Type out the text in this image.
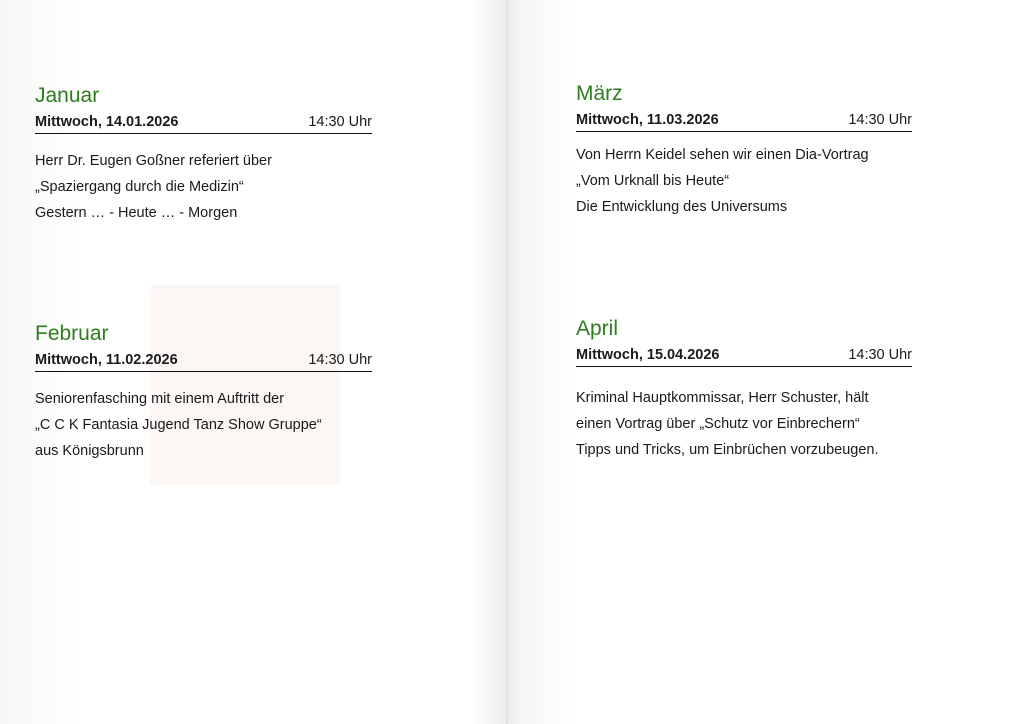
Januar
Mittwoch, 14.01.2026	14:30 Uhr
Herr Dr. Eugen Goßner referiert über
„Spaziergang durch die Medizin“
Gestern … - Heute … - Morgen
Februar
Mittwoch, 11.02.2026	14:30 Uhr
Seniorenfasching mit einem Auftritt der
„C C K Fantasia Jugend Tanz Show Gruppe“
aus Königsbrunn
März
Mittwoch, 11.03.2026	14:30 Uhr
Von Herrn Keidel sehen wir einen Dia-Vortrag
„Vom Urknall bis Heute“
Die Entwicklung des Universums
April
Mittwoch, 15.04.2026	14:30 Uhr
Kriminal Hauptkommissar, Herr Schuster, hält
einen Vortrag über „Schutz vor Einbrechern“
Tipps und Tricks, um Einbrüchen vorzubeugen.
